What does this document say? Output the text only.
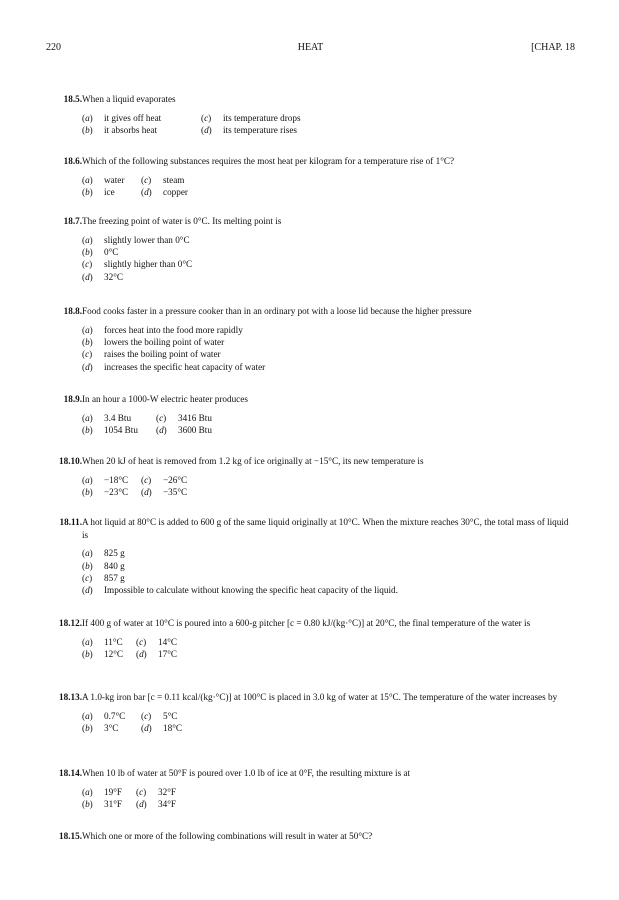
220	HEAT	[CHAP. 18
18.5. When a liquid evaporates
(a) it gives off heat	(c) its temperature drops
(b) it absorbs heat	(d) its temperature rises
18.6. Which of the following substances requires the most heat per kilogram for a temperature rise of 1°C?
(a) water (c) steam
(b) ice	(d) copper
18.7. The freezing point of water is 0°C. Its melting point is
(a) slightly lower than 0°C
(b) 0°C
(c) slightly higher than 0°C
(d) 32°C
18.8. Food cooks faster in a pressure cooker than in an ordinary pot with a loose lid because the higher pressure
(a) forces heat into the food more rapidly
(b) lowers the boiling point of water
(c) raises the boiling point of water
(d) increases the specific heat capacity of water
18.9. In an hour a 1000-W electric heater produces
(a) 3.4 Btu	(c) 3416 Btu
(b) 1054 Btu (d) 3600 Btu
18.10. When 20 kJ of heat is removed from 1.2 kg of ice originally at −15°C, its new temperature is
(a) −18°C (c) −26°C
(b) −23°C (d) −35°C
18.11. A hot liquid at 80°C is added to 600 g of the same liquid originally at 10°C. When the mixture reaches 30°C, the total mass of liquid is
(a) 825 g
(b) 840 g
(c) 857 g
(d) Impossible to calculate without knowing the specific heat capacity of the liquid.
18.12. If 400 g of water at 10°C is poured into a 600-g pitcher [c = 0.80 kJ/(kg·°C)] at 20°C, the final temperature of the water is
(a) 11°C (c) 14°C
(b) 12°C (d) 17°C
18.13. A 1.0-kg iron bar [c = 0.11 kcal/(kg·°C)] at 100°C is placed in 3.0 kg of water at 15°C. The temperature of the water increases by
(a) 0.7°C (c) 5°C
(b) 3°C (d) 18°C
18.14. When 10 lb of water at 50°F is poured over 1.0 lb of ice at 0°F, the resulting mixture is at
(a) 19°F (c) 32°F
(b) 31°F (d) 34°F
18.15. Which one or more of the following combinations will result in water at 50°C?
